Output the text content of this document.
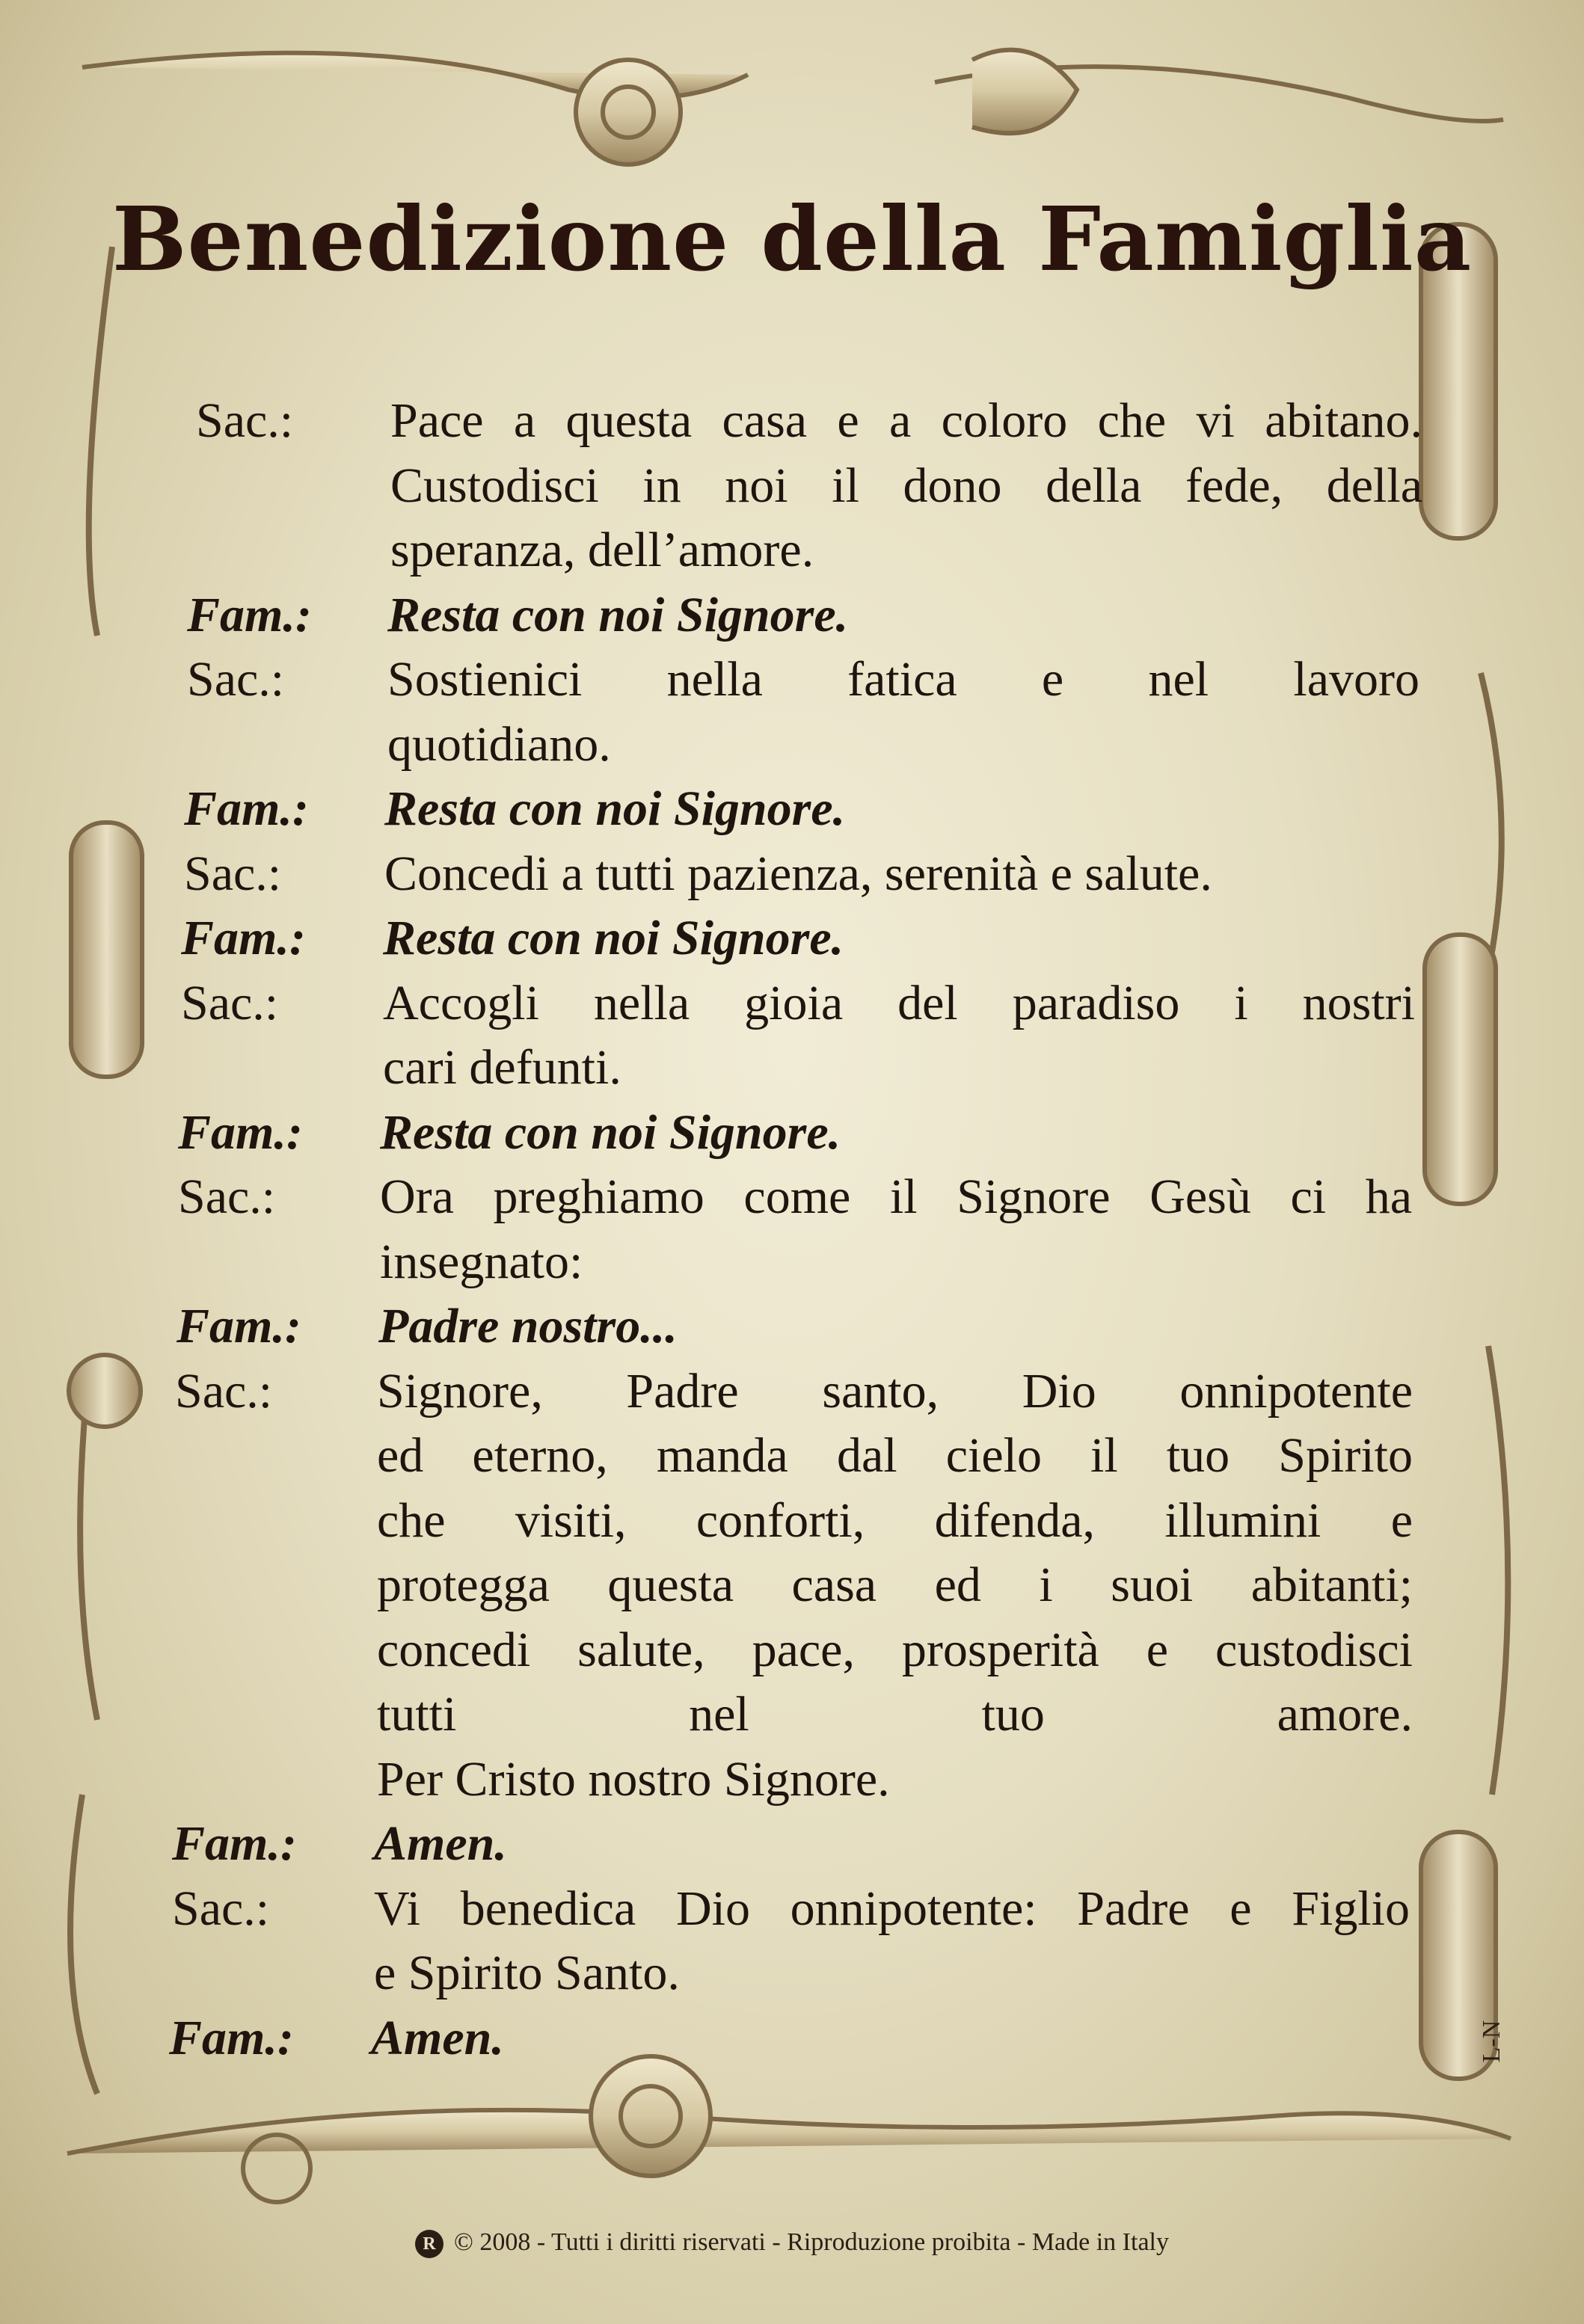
Benedizione della Famiglia
Sac.: Pace a questa casa e a coloro che vi abitano.
Custodisci in noi il dono della fede, della
speranza, dell’amore.
Fam.: Resta con noi Signore.
Sac.: Sostienici nella fatica e nel lavoro
quotidiano.
Fam.: Resta con noi Signore.
Sac.: Concedi a tutti pazienza, serenità e salute.
Fam.: Resta con noi Signore.
Sac.: Accogli nella gioia del paradiso i nostri
cari defunti.
Fam.: Resta con noi Signore.
Sac.: Ora preghiamo come il Signore Gesù ci ha
insegnato:
Fam.: Padre nostro...
Sac.: Signore, Padre santo, Dio onnipotente
ed eterno, manda dal cielo il tuo Spirito
che visiti, conforti, difenda, illumini e
protegga questa casa ed i suoi abitanti;
concedi salute, pace, prosperità e custodisci
tutti nel tuo amore.
Per Cristo nostro Signore.
Fam.: Amen.
Sac.: Vi benedica Dio onnipotente: Padre e Figlio
e Spirito Santo.
Fam.: Amen.
R © 2008 - Tutti i diritti riservati - Riproduzione proibita - Made in Italy
L-N
